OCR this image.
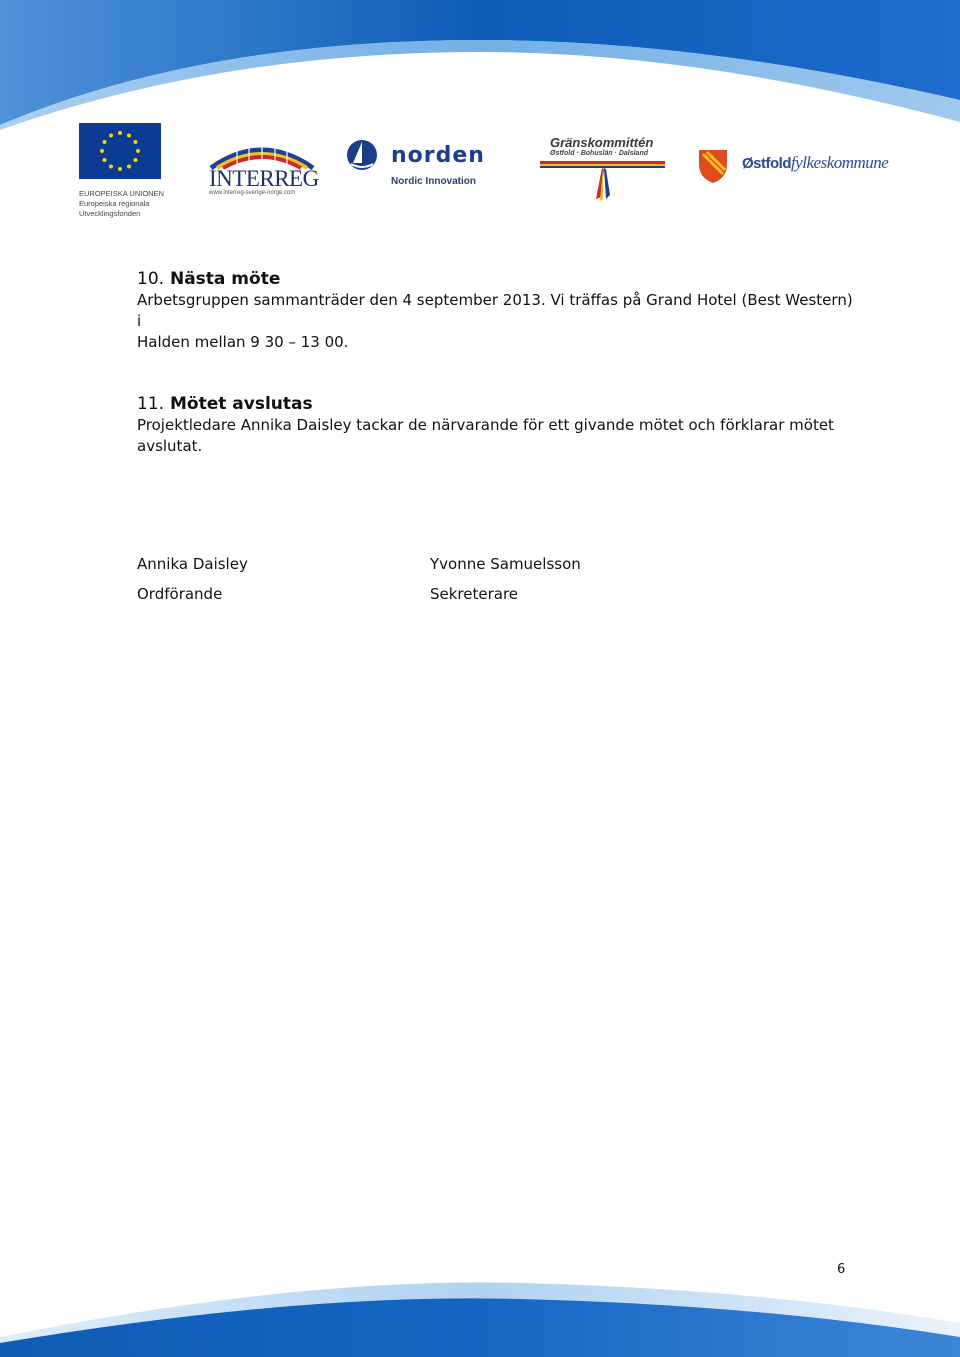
EUROPEISKA UNIONEN
Europeiska regionala
Utvecklingsfonden
INTERREG
www.interreg-sverige-norge.com
norden
Nordic Innovation
Gränskommittén
Østfold · Bohuslän · Dalsland
Østfoldfylkeskommune

10. Nästa möte

Arbetsgruppen sammanträder den 4 september 2013. Vi träffas på Grand Hotel (Best Western) i

Halden mellan 9 30 – 13 00.

11. Mötet avslutas

Projektledare Annika Daisley tackar de närvarande för ett givande mötet och förklarar mötet

avslutat.

Annika Daisley
Ordförande
Yvonne Samuelsson
Sekreterare
6
